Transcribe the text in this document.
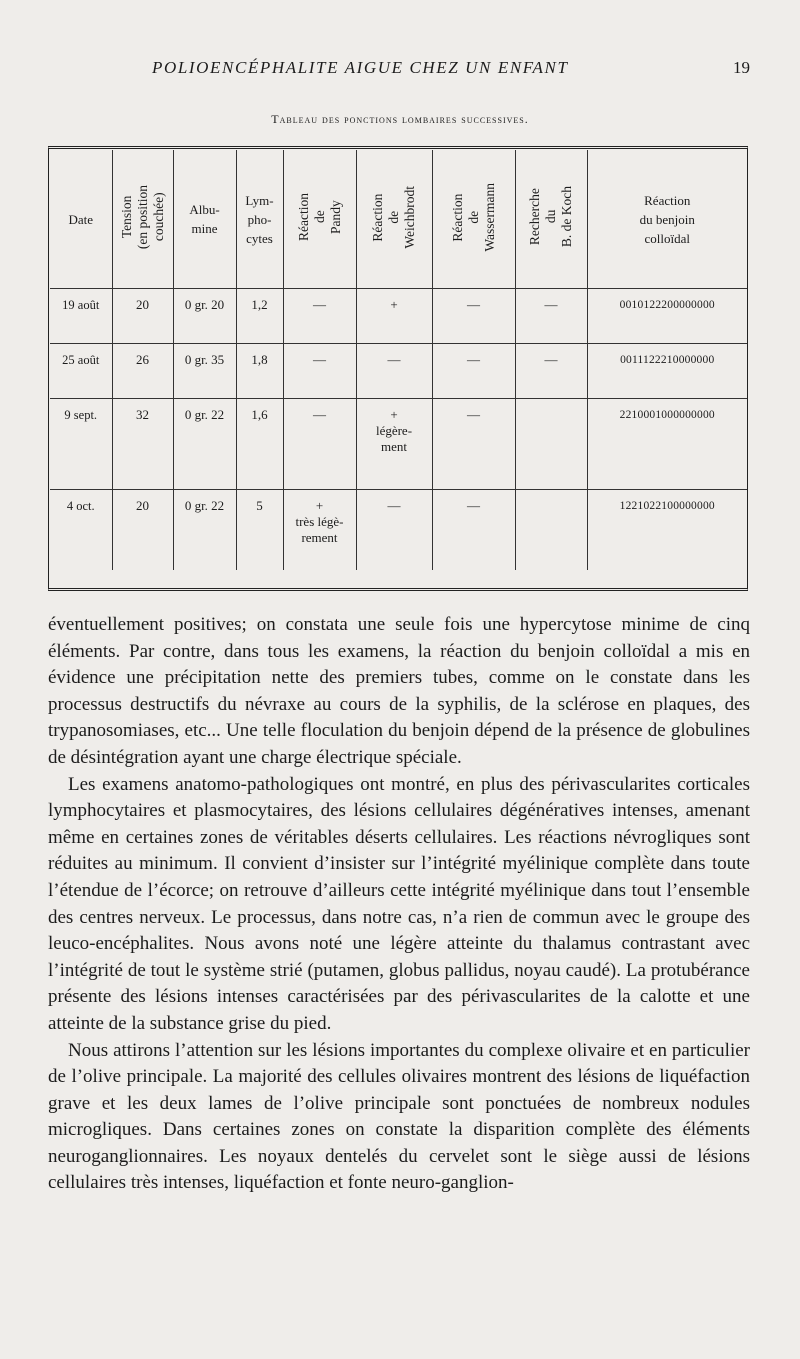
POLIOENCÉPHALITE AIGUE CHEZ UN ENFANT	19
Tableau des ponctions lombaires successives.
Date	Tension
(en position
couchée)	Albu-
mine	Lym-
pho-
cytes	Réaction
de
Pandy	Réaction
de
Weichbrodt	Réaction
de
Wassermann	Recherche
du
B. de Koch	Réaction
du benjoin
colloïdal
19 août	20	0 gr. 20	1,2	—	+	—	—	0010122200000000
25 août	26	0 gr. 35	1,8	—	—	—	—	0011122210000000
9 sept.	32	0 gr. 22	1,6	—	+
légère-
ment	—		2210001000000000
4 oct.	20	0 gr. 22	5	+
très légè-
rement	—	—		1221022100000000

éventuellement positives; on constata une seule fois une hypercytose minime de cinq éléments. Par contre, dans tous les examens, la réaction du benjoin colloïdal a mis en évidence une précipitation nette des premiers tubes, comme on le constate dans les processus destructifs du névraxe au cours de la syphilis, de la sclérose en plaques, des trypanosomiases, etc... Une telle floculation du benjoin dépend de la présence de globulines de désintégration ayant une charge électrique spéciale.

Les examens anatomo-pathologiques ont montré, en plus des périvascularites corticales lymphocytaires et plasmocytaires, des lésions cellulaires dégénératives intenses, amenant même en certaines zones de véritables déserts cellulaires. Les réactions névrogliques sont réduites au minimum. Il convient d’insister sur l’intégrité myélinique complète dans toute l’étendue de l’écorce; on retrouve d’ailleurs cette intégrité myélinique dans tout l’ensemble des centres nerveux. Le processus, dans notre cas, n’a rien de commun avec le groupe des leuco-encéphalites. Nous avons noté une légère atteinte du thalamus contrastant avec l’intégrité de tout le système strié (putamen, globus pallidus, noyau caudé). La protubérance présente des lésions intenses caractérisées par des périvascularites de la calotte et une atteinte de la substance grise du pied.

Nous attirons l’attention sur les lésions importantes du complexe olivaire et en particulier de l’olive principale. La majorité des cellules olivaires montrent des lésions de liquéfaction grave et les deux lames de l’olive principale sont ponctuées de nombreux nodules microgliques. Dans certaines zones on constate la disparition complète des éléments neuroganglionnaires. Les noyaux dentelés du cervelet sont le siège aussi de lésions cellulaires très intenses, liquéfaction et fonte neuro-ganglion-
